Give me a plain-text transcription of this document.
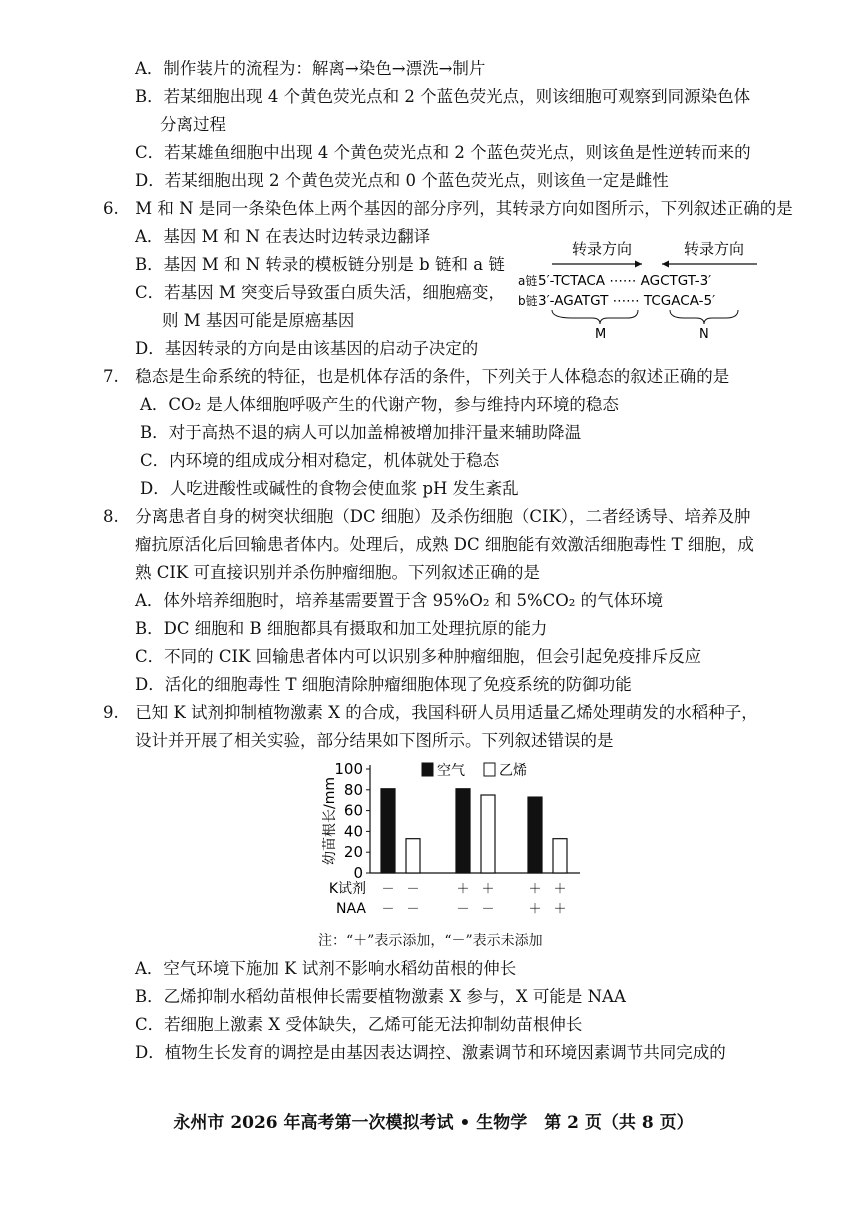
A．制作装片的流程为：解离→染色→漂洗→制片
B．若某细胞出现 4 个黄色荧光点和 2 个蓝色荧光点，则该细胞可观察到同源染色体
分离过程
C．若某雄鱼细胞中出现 4 个黄色荧光点和 2 个蓝色荧光点，则该鱼是性逆转而来的
D．若某细胞出现 2 个黄色荧光点和 0 个蓝色荧光点，则该鱼一定是雌性
6.　M 和 N 是同一条染色体上两个基因的部分序列，其转录方向如图所示，下列叙述正确的是
A．基因 M 和 N 在表达时边转录边翻译
B．基因 M 和 N 转录的模板链分别是 b 链和 a 链
C．若基因 M 突变后导致蛋白质失活，细胞癌变，
则 M 基因可能是原癌基因
D．基因转录的方向是由该基因的启动子决定的
转录方向	转录方向
a链
b链
5′-TCTACA ⋯⋯ AGCTGT-3′
3′-AGATGT ⋯⋯ TCGACA-5′
M	N
7.　稳态是生命系统的特征，也是机体存活的条件，下列关于人体稳态的叙述正确的是
A．CO₂ 是人体细胞呼吸产生的代谢产物，参与维持内环境的稳态
B．对于高热不退的病人可以加盖棉被增加排汗量来辅助降温
C．内环境的组成成分相对稳定，机体就处于稳态
D．人吃进酸性或碱性的食物会使血浆 pH 发生紊乱
8.　分离患者自身的树突状细胞（DC 细胞）及杀伤细胞（CIK），二者经诱导、培养及肿
瘤抗原活化后回输患者体内。处理后，成熟 DC 细胞能有效激活细胞毒性 T 细胞，成
熟 CIK 可直接识别并杀伤肿瘤细胞。下列叙述正确的是
A．体外培养细胞时，培养基需要置于含 95%O₂ 和 5%CO₂ 的气体环境
B．DC 细胞和 B 细胞都具有摄取和加工处理抗原的能力
C．不同的 CIK 回输患者体内可以识别多种肿瘤细胞，但会引起免疫排斥反应
D．活化的细胞毒性 T 细胞清除肿瘤细胞体现了免疫系统的防御功能
9.　已知 K 试剂抑制植物激素 X 的合成，我国科研人员用适量乙烯处理萌发的水稻种子，
设计并开展了相关实验，部分结果如下图所示。下列叙述错误的是
0
20
40
60
80
100
幼苗根长/mm
空气 乙烯
K试剂
NAA
－
－
－
－
＋
－
＋
－
＋
＋
＋
＋
注：“＋”表示添加，“－”表示未添加
A．空气环境下施加 K 试剂不影响水稻幼苗根的伸长
B．乙烯抑制水稻幼苗根伸长需要植物激素 X 参与，X 可能是 NAA
C．若细胞上激素 X 受体缺失，乙烯可能无法抑制幼苗根伸长
D．植物生长发育的调控是由基因表达调控、激素调节和环境因素调节共同完成的
永州市 2026 年高考第一次模拟考试 • 生物学　第 2 页（共 8 页）
